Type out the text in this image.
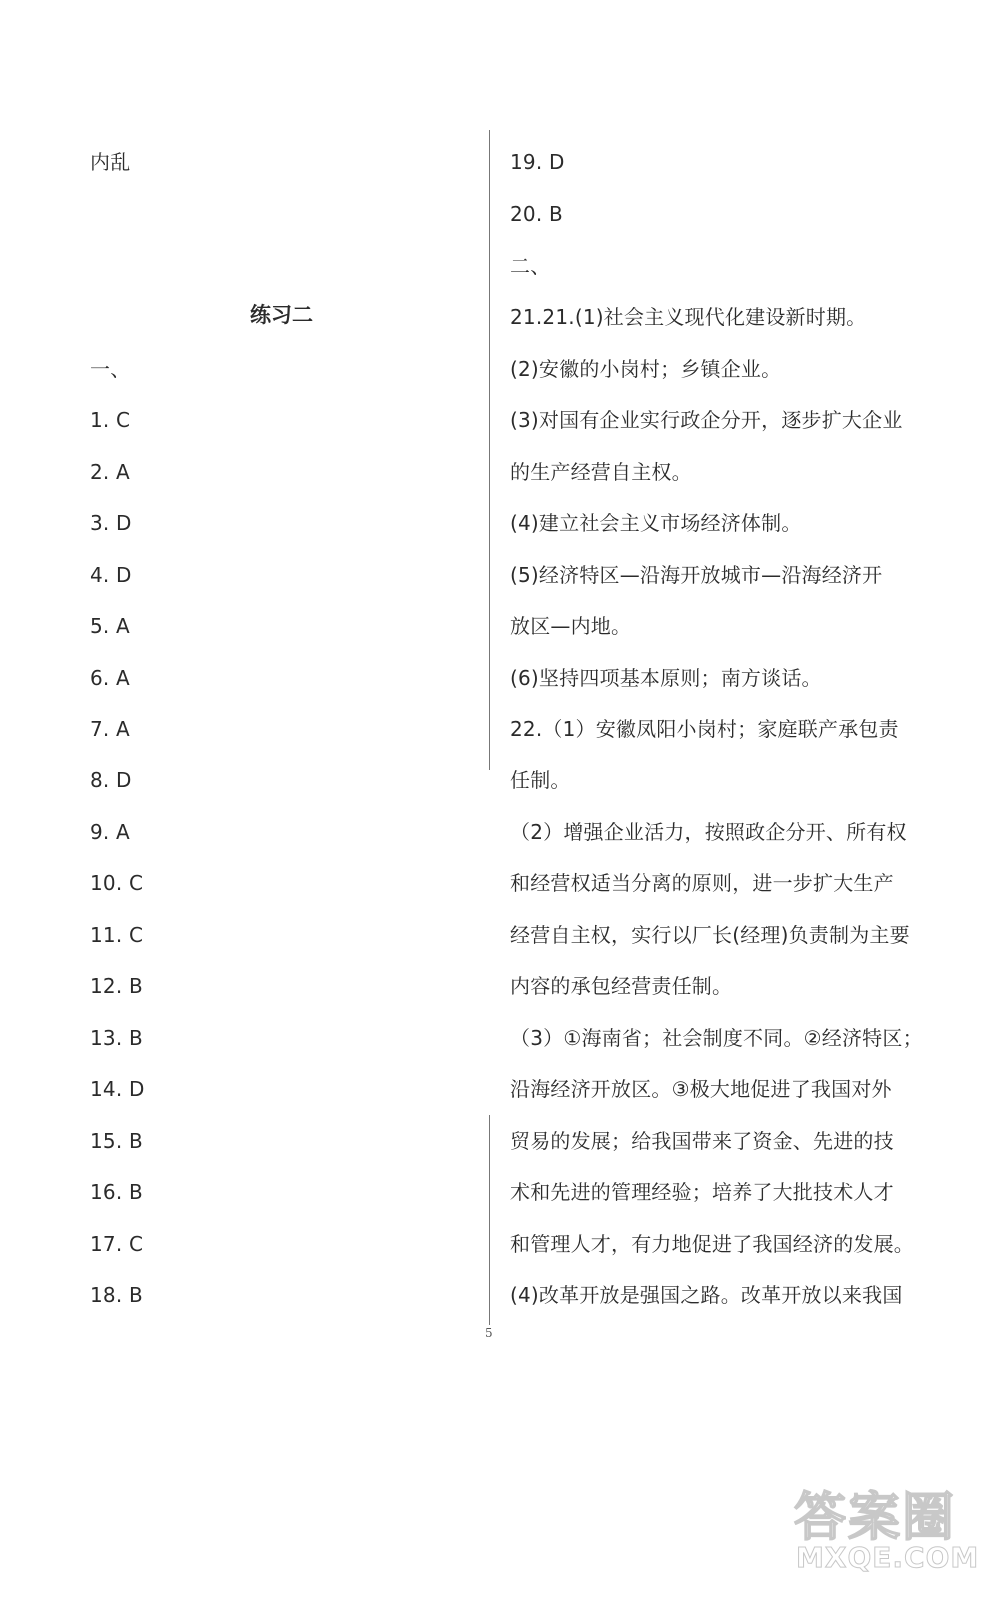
内乱
练习二
一、
1. C
2. A
3. D
4. D
5. A
6. A
7. A
8. D
9. A
10. C
11. C
12. B
13. B
14. D
15. B
16. B
17. C
18. B
19. D
20. B
二、
21.21.(1)社会主义现代化建设新时期。
(2)安徽的小岗村；乡镇企业。
(3)对国有企业实行政企分开，逐步扩大企业
的生产经营自主权。
(4)建立社会主义市场经济体制。
(5)经济特区—沿海开放城市—沿海经济开
放区—内地。
(6)坚持四项基本原则；南方谈话。
22.（1）安徽凤阳小岗村；家庭联产承包责
任制。
（2）增强企业活力，按照政企分开、所有权
和经营权适当分离的原则，进一步扩大生产
经营自主权，实行以厂长(经理)负责制为主要
内容的承包经营责任制。
（3）①海南省；社会制度不同。②经济特区；
沿海经济开放区。③极大地促进了我国对外
贸易的发展；给我国带来了资金、先进的技
术和先进的管理经验；培养了大批技术人才
和管理人才，有力地促进了我国经济的发展。
(4)改革开放是强国之路。改革开放以来我国
5
答案圈
MXQE.COM
